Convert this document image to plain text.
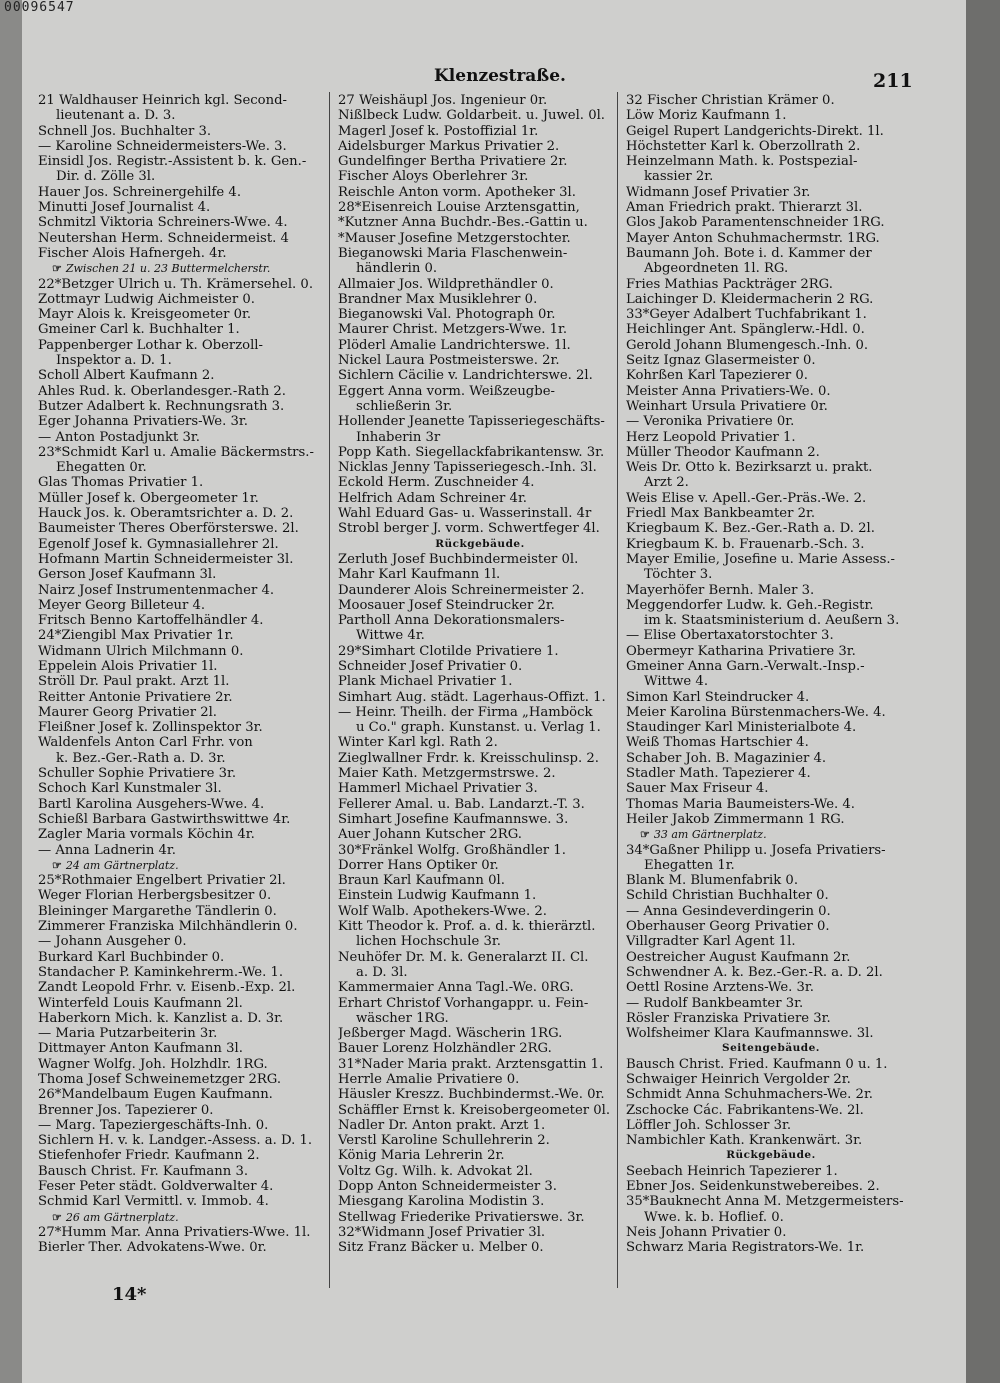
00096547
Klenzestraße.	211
21 Waldhauser Heinrich kgl. Second-
lieutenant a. D. 3.
Schnell Jos. Buchhalter 3.
— Karoline Schneidermeisters-We. 3.
Einsidl Jos. Registr.-Assistent b. k. Gen.-
Dir. d. Zölle 3l.
Hauer Jos. Schreinergehilfe 4.
Minutti Josef Journalist 4.
Schmitzl Viktoria Schreiners-Wwe. 4.
Neutershan Herm. Schneidermeist. 4
Fischer Alois Hafnergeh. 4r.
☞ Zwischen 21 u. 23 Buttermelcherstr.
22*Betzger Ulrich u. Th. Krämersehel. 0.
Zottmayr Ludwig Aichmeister 0.
Mayr Alois k. Kreisgeometer 0r.
Gmeiner Carl k. Buchhalter 1.
Pappenberger Lothar k. Oberzoll-
Inspektor a. D. 1.
Scholl Albert Kaufmann 2.
Ahles Rud. k. Oberlandesger.-Rath 2.
Butzer Adalbert k. Rechnungsrath 3.
Eger Johanna Privatiers-We. 3r.
— Anton Postadjunkt 3r.
23*Schmidt Karl u. Amalie Bäckermstrs.-
Ehegatten 0r.
Glas Thomas Privatier 1.
Müller Josef k. Obergeometer 1r.
Hauck Jos. k. Oberamtsrichter a. D. 2.
Baumeister Theres Oberförsterswe. 2l.
Egenolf Josef k. Gymnasiallehrer 2l.
Hofmann Martin Schneidermeister 3l.
Gerson Josef Kaufmann 3l.
Nairz Josef Instrumentenmacher 4.
Meyer Georg Billeteur 4.
Fritsch Benno Kartoffelhändler 4.
24*Ziengibl Max Privatier 1r.
Widmann Ulrich Milchmann 0.
Eppelein Alois Privatier 1l.
Ströll Dr. Paul prakt. Arzt 1l.
Reitter Antonie Privatiere 2r.
Maurer Georg Privatier 2l.
Fleißner Josef k. Zollinspektor 3r.
Waldenfels Anton Carl Frhr. von
k. Bez.-Ger.-Rath a. D. 3r.
Schuller Sophie Privatiere 3r.
Schoch Karl Kunstmaler 3l.
Bartl Karolina Ausgehers-Wwe. 4.
Schießl Barbara Gastwirthswittwe 4r.
Zagler Maria vormals Köchin 4r.
— Anna Ladnerin 4r.
☞ 24 am Gärtnerplatz.
25*Rothmaier Engelbert Privatier 2l.
Weger Florian Herbergsbesitzer 0.
Bleininger Margarethe Tändlerin 0.
Zimmerer Franziska Milchhändlerin 0.
— Johann Ausgeher 0.
Burkard Karl Buchbinder 0.
Standacher P. Kaminkehrerm.-We. 1.
Zandt Leopold Frhr. v. Eisenb.-Exp. 2l.
Winterfeld Louis Kaufmann 2l.
Haberkorn Mich. k. Kanzlist a. D. 3r.
— Maria Putzarbeiterin 3r.
Dittmayer Anton Kaufmann 3l.
Wagner Wolfg. Joh. Holzhdlr. 1RG.
Thoma Josef Schweinemetzger 2RG.
26*Mandelbaum Eugen Kaufmann.
Brenner Jos. Tapezierer 0.
— Marg. Tapeziergeschäfts-Inh. 0.
Sichlern H. v. k. Landger.-Assess. a. D. 1.
Stiefenhofer Friedr. Kaufmann 2.
Bausch Christ. Fr. Kaufmann 3.
Feser Peter städt. Goldverwalter 4.
Schmid Karl Vermittl. v. Immob. 4.
☞ 26 am Gärtnerplatz.
27*Humm Mar. Anna Privatiers-Wwe. 1l.
Bierler Ther. Advokatens-Wwe. 0r.
27 Weishäupl Jos. Ingenieur 0r.
Nißlbeck Ludw. Goldarbeit. u. Juwel. 0l.
Magerl Josef k. Postoffizial 1r.
Aidelsburger Markus Privatier 2.
Gundelfinger Bertha Privatiere 2r.
Fischer Aloys Oberlehrer 3r.
Reischle Anton vorm. Apotheker 3l.
28*Eisenreich Louise Arztensgattin,
*Kutzner Anna Buchdr.-Bes.-Gattin u.
*Mauser Josefine Metzgerstochter.
Bieganowski Maria Flaschenwein-
händlerin 0.
Allmaier Jos. Wildprethändler 0.
Brandner Max Musiklehrer 0.
Bieganowski Val. Photograph 0r.
Maurer Christ. Metzgers-Wwe. 1r.
Plöderl Amalie Landrichterswe. 1l.
Nickel Laura Postmeisterswe. 2r.
Sichlern Cäcilie v. Landrichterswe. 2l.
Eggert Anna vorm. Weißzeugbe-
schließerin 3r.
Hollender Jeanette Tapisseriegeschäfts-
Inhaberin 3r
Popp Kath. Siegellackfabrikantensw. 3r.
Nicklas Jenny Tapisseriegesch.-Inh. 3l.
Eckold Herm. Zuschneider 4.
Helfrich Adam Schreiner 4r.
Wahl Eduard Gas- u. Wasserinstall. 4r
Strobl berger J. vorm. Schwertfeger 4l.
Rückgebäude.
Zerluth Josef Buchbindermeister 0l.
Mahr Karl Kaufmann 1l.
Daunderer Alois Schreinermeister 2.
Moosauer Josef Steindrucker 2r.
Partholl Anna Dekorationsmalers-
Wittwe 4r.
29*Simhart Clotilde Privatiere 1.
Schneider Josef Privatier 0.
Plank Michael Privatier 1.
Simhart Aug. städt. Lagerhaus-Offizt. 1.
— Heinr. Theilh. der Firma „Hamböck
u Co." graph. Kunstanst. u. Verlag 1.
Winter Karl kgl. Rath 2.
Zieglwallner Frdr. k. Kreisschulinsp. 2.
Maier Kath. Metzgermstrswe. 2.
Hammerl Michael Privatier 3.
Fellerer Amal. u. Bab. Landarzt.-T. 3.
Simhart Josefine Kaufmannswe. 3.
Auer Johann Kutscher 2RG.
30*Fränkel Wolfg. Großhändler 1.
Dorrer Hans Optiker 0r.
Braun Karl Kaufmann 0l.
Einstein Ludwig Kaufmann 1.
Wolf Walb. Apothekers-Wwe. 2.
Kitt Theodor k. Prof. a. d. k. thierärztl.
lichen Hochschule 3r.
Neuhöfer Dr. M. k. Generalarzt II. Cl.
a. D. 3l.
Kammermaier Anna Tagl.-We. 0RG.
Erhart Christof Vorhangappr. u. Fein-
wäscher 1RG.
Jeßberger Magd. Wäscherin 1RG.
Bauer Lorenz Holzhändler 2RG.
31*Nader Maria prakt. Arztensgattin 1.
Herrle Amalie Privatiere 0.
Häusler Kreszz. Buchbindermst.-We. 0r.
Schäffler Ernst k. Kreisobergeometer 0l.
Nadler Dr. Anton prakt. Arzt 1.
Verstl Karoline Schullehrerin 2.
König Maria Lehrerin 2r.
Voltz Gg. Wilh. k. Advokat 2l.
Dopp Anton Schneidermeister 3.
Miesgang Karolina Modistin 3.
Stellwag Friederike Privatierswe. 3r.
32*Widmann Josef Privatier 3l.
Sitz Franz Bäcker u. Melber 0.
32 Fischer Christian Krämer 0.
Löw Moriz Kaufmann 1.
Geigel Rupert Landgerichts-Direkt. 1l.
Höchstetter Karl k. Oberzollrath 2.
Heinzelmann Math. k. Postspezial-
kassier 2r.
Widmann Josef Privatier 3r.
Aman Friedrich prakt. Thierarzt 3l.
Glos Jakob Paramentenschneider 1RG.
Mayer Anton Schuhmachermstr. 1RG.
Baumann Joh. Bote i. d. Kammer der
Abgeordneten 1l. RG.
Fries Mathias Packträger 2RG.
Laichinger D. Kleidermacherin 2 RG.
33*Geyer Adalbert Tuchfabrikant 1.
Heichlinger Ant. Spänglerw.-Hdl. 0.
Gerold Johann Blumengesch.-Inh. 0.
Seitz Ignaz Glasermeister 0.
Kohrßen Karl Tapezierer 0.
Meister Anna Privatiers-We. 0.
Weinhart Ursula Privatiere 0r.
— Veronika Privatiere 0r.
Herz Leopold Privatier 1.
Müller Theodor Kaufmann 2.
Weis Dr. Otto k. Bezirksarzt u. prakt.
Arzt 2.
Weis Elise v. Apell.-Ger.-Präs.-We. 2.
Friedl Max Bankbeamter 2r.
Kriegbaum K. Bez.-Ger.-Rath a. D. 2l.
Kriegbaum K. b. Frauenarb.-Sch. 3.
Mayer Emilie, Josefine u. Marie Assess.-
Töchter 3.
Mayerhöfer Bernh. Maler 3.
Meggendorfer Ludw. k. Geh.-Registr.
im k. Staatsministerium d. Aeußern 3.
— Elise Obertaxatorstochter 3.
Obermeyr Katharina Privatiere 3r.
Gmeiner Anna Garn.-Verwalt.-Insp.-
Wittwe 4.
Simon Karl Steindrucker 4.
Meier Karolina Bürstenmachers-We. 4.
Staudinger Karl Ministerialbote 4.
Weiß Thomas Hartschier 4.
Schaber Joh. B. Magazinier 4.
Stadler Math. Tapezierer 4.
Sauer Max Friseur 4.
Thomas Maria Baumeisters-We. 4.
Heiler Jakob Zimmermann 1 RG.
☞ 33 am Gärtnerplatz.
34*Gaßner Philipp u. Josefa Privatiers-
Ehegatten 1r.
Blank M. Blumenfabrik 0.
Schild Christian Buchhalter 0.
— Anna Gesindeverdingerin 0.
Oberhauser Georg Privatier 0.
Villgradter Karl Agent 1l.
Oestreicher August Kaufmann 2r.
Schwendner A. k. Bez.-Ger.-R. a. D. 2l.
Oettl Rosine Arztens-We. 3r.
— Rudolf Bankbeamter 3r.
Rösler Franziska Privatiere 3r.
Wolfsheimer Klara Kaufmannswe. 3l.
Seitengebäude.
Bausch Christ. Fried. Kaufmann 0 u. 1.
Schwaiger Heinrich Vergolder 2r.
Schmidt Anna Schuhmachers-We. 2r.
Zschocke Các. Fabrikantens-We. 2l.
Löffler Joh. Schlosser 3r.
Nambichler Kath. Krankenwärt. 3r.
Rückgebäude.
Seebach Heinrich Tapezierer 1.
Ebner Jos. Seidenkunstwebereibes. 2.
35*Bauknecht Anna M. Metzgermeisters-
Wwe. k. b. Hoflief. 0.
Neis Johann Privatier 0.
Schwarz Maria Registrators-We. 1r.
14*
